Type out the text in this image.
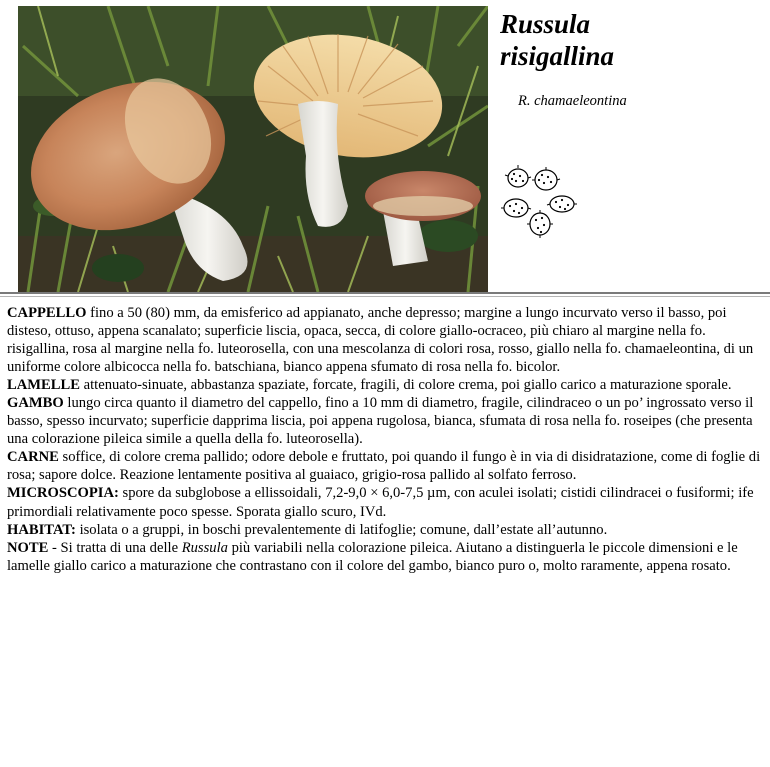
Russula
risigallina
R. chamaeleontina

CAPPELLO fino a 50 (80) mm, da emisferico ad appianato, anche depresso; margine a lungo incurvato verso il basso, poi disteso, ottuso, appena scanalato; superficie liscia, opaca, secca, di colore giallo-ocraceo, più chiaro al margine nella fo. risigallina, rosa al margine nella fo. luteorosella, con una mescolanza di colori rosa, rosso, giallo nella fo. chamaeleontina, di un uniforme colore albicocca nella fo. batschiana, bianco appena sfumato di rosa nella fo. bicolor.

LAMELLE attenuato-sinuate, abbastanza spaziate, forcate, fragili, di colore crema, poi giallo carico a maturazione sporale.

GAMBO lungo circa quanto il diametro del cappello, fino a 10 mm di diametro, fragile, cilindraceo o un po’ ingrossato verso il basso, spesso incurvato; superficie dapprima liscia, poi appena rugolosa, bianca, sfumata di rosa nella fo. roseipes (che presenta una colorazione pileica simile a quella della fo. luteorosella).

CARNE soffice, di colore crema pallido; odore debole e fruttato, poi quando il fungo è in via di disidratazione, come di foglie di rosa; sapore dolce. Reazione lentamente positiva al guaiaco, grigio-rosa pallido al solfato ferroso.

MICROSCOPIA: spore da subglobose a ellissoidali, 7,2-9,0 × 6,0-7,5 µm, con aculei isolati; cistidi cilindracei o fusiformi; ife primordiali relativamente poco spesse. Sporata giallo scuro, IVd.

HABITAT: isolata o a gruppi, in boschi prevalentemente di latifoglie; comune, dall’estate all’autunno.

NOTE - Si tratta di una delle Russula più variabili nella colorazione pileica. Aiutano a distinguerla le piccole dimensioni e le lamelle giallo carico a maturazione che contrastano con il colore del gambo, bianco puro o, molto raramente, appena rosato.
